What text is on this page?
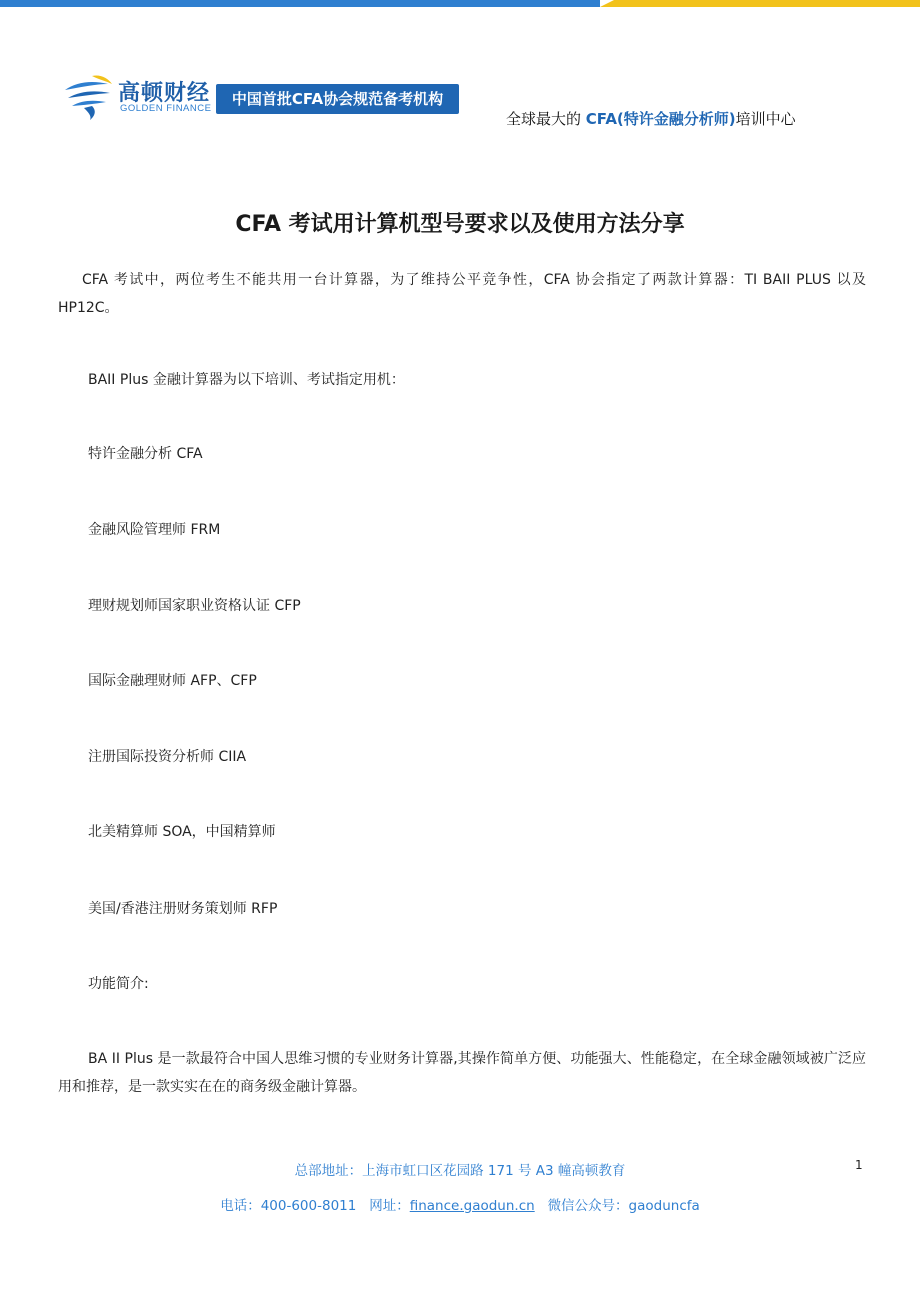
高顿财经
GOLDEN FINANCE
中国首批CFA协会规范备考机构
全球最大的 CFA(特许金融分析师)培训中心
CFA 考试用计算机型号要求以及使用方法分享
CFA 考试中，两位考生不能共用一台计算器，为了维持公平竞争性，CFA 协会指定了两款计算器：TI BAII PLUS 以及 HP12C。
BAII Plus 金融计算器为以下培训、考试指定用机：
特许金融分析 CFA
金融风险管理师 FRM
理财规划师国家职业资格认证 CFP
国际金融理财师 AFP、CFP
注册国际投资分析师 CIIA
北美精算师 SOA，中国精算师
美国/香港注册财务策划师 RFP
功能简介:
BA II Plus 是一款最符合中国人思维习惯的专业财务计算器,其操作简单方便、功能强大、性能稳定，在全球金融领域被广泛应用和推荐，是一款实实在在的商务级金融计算器。
总部地址：上海市虹口区花园路 171 号 A3 幢高顿教育
电话：400-600-8011 网址：finance.gaodun.cn 微信公众号：gaoduncfa
1
